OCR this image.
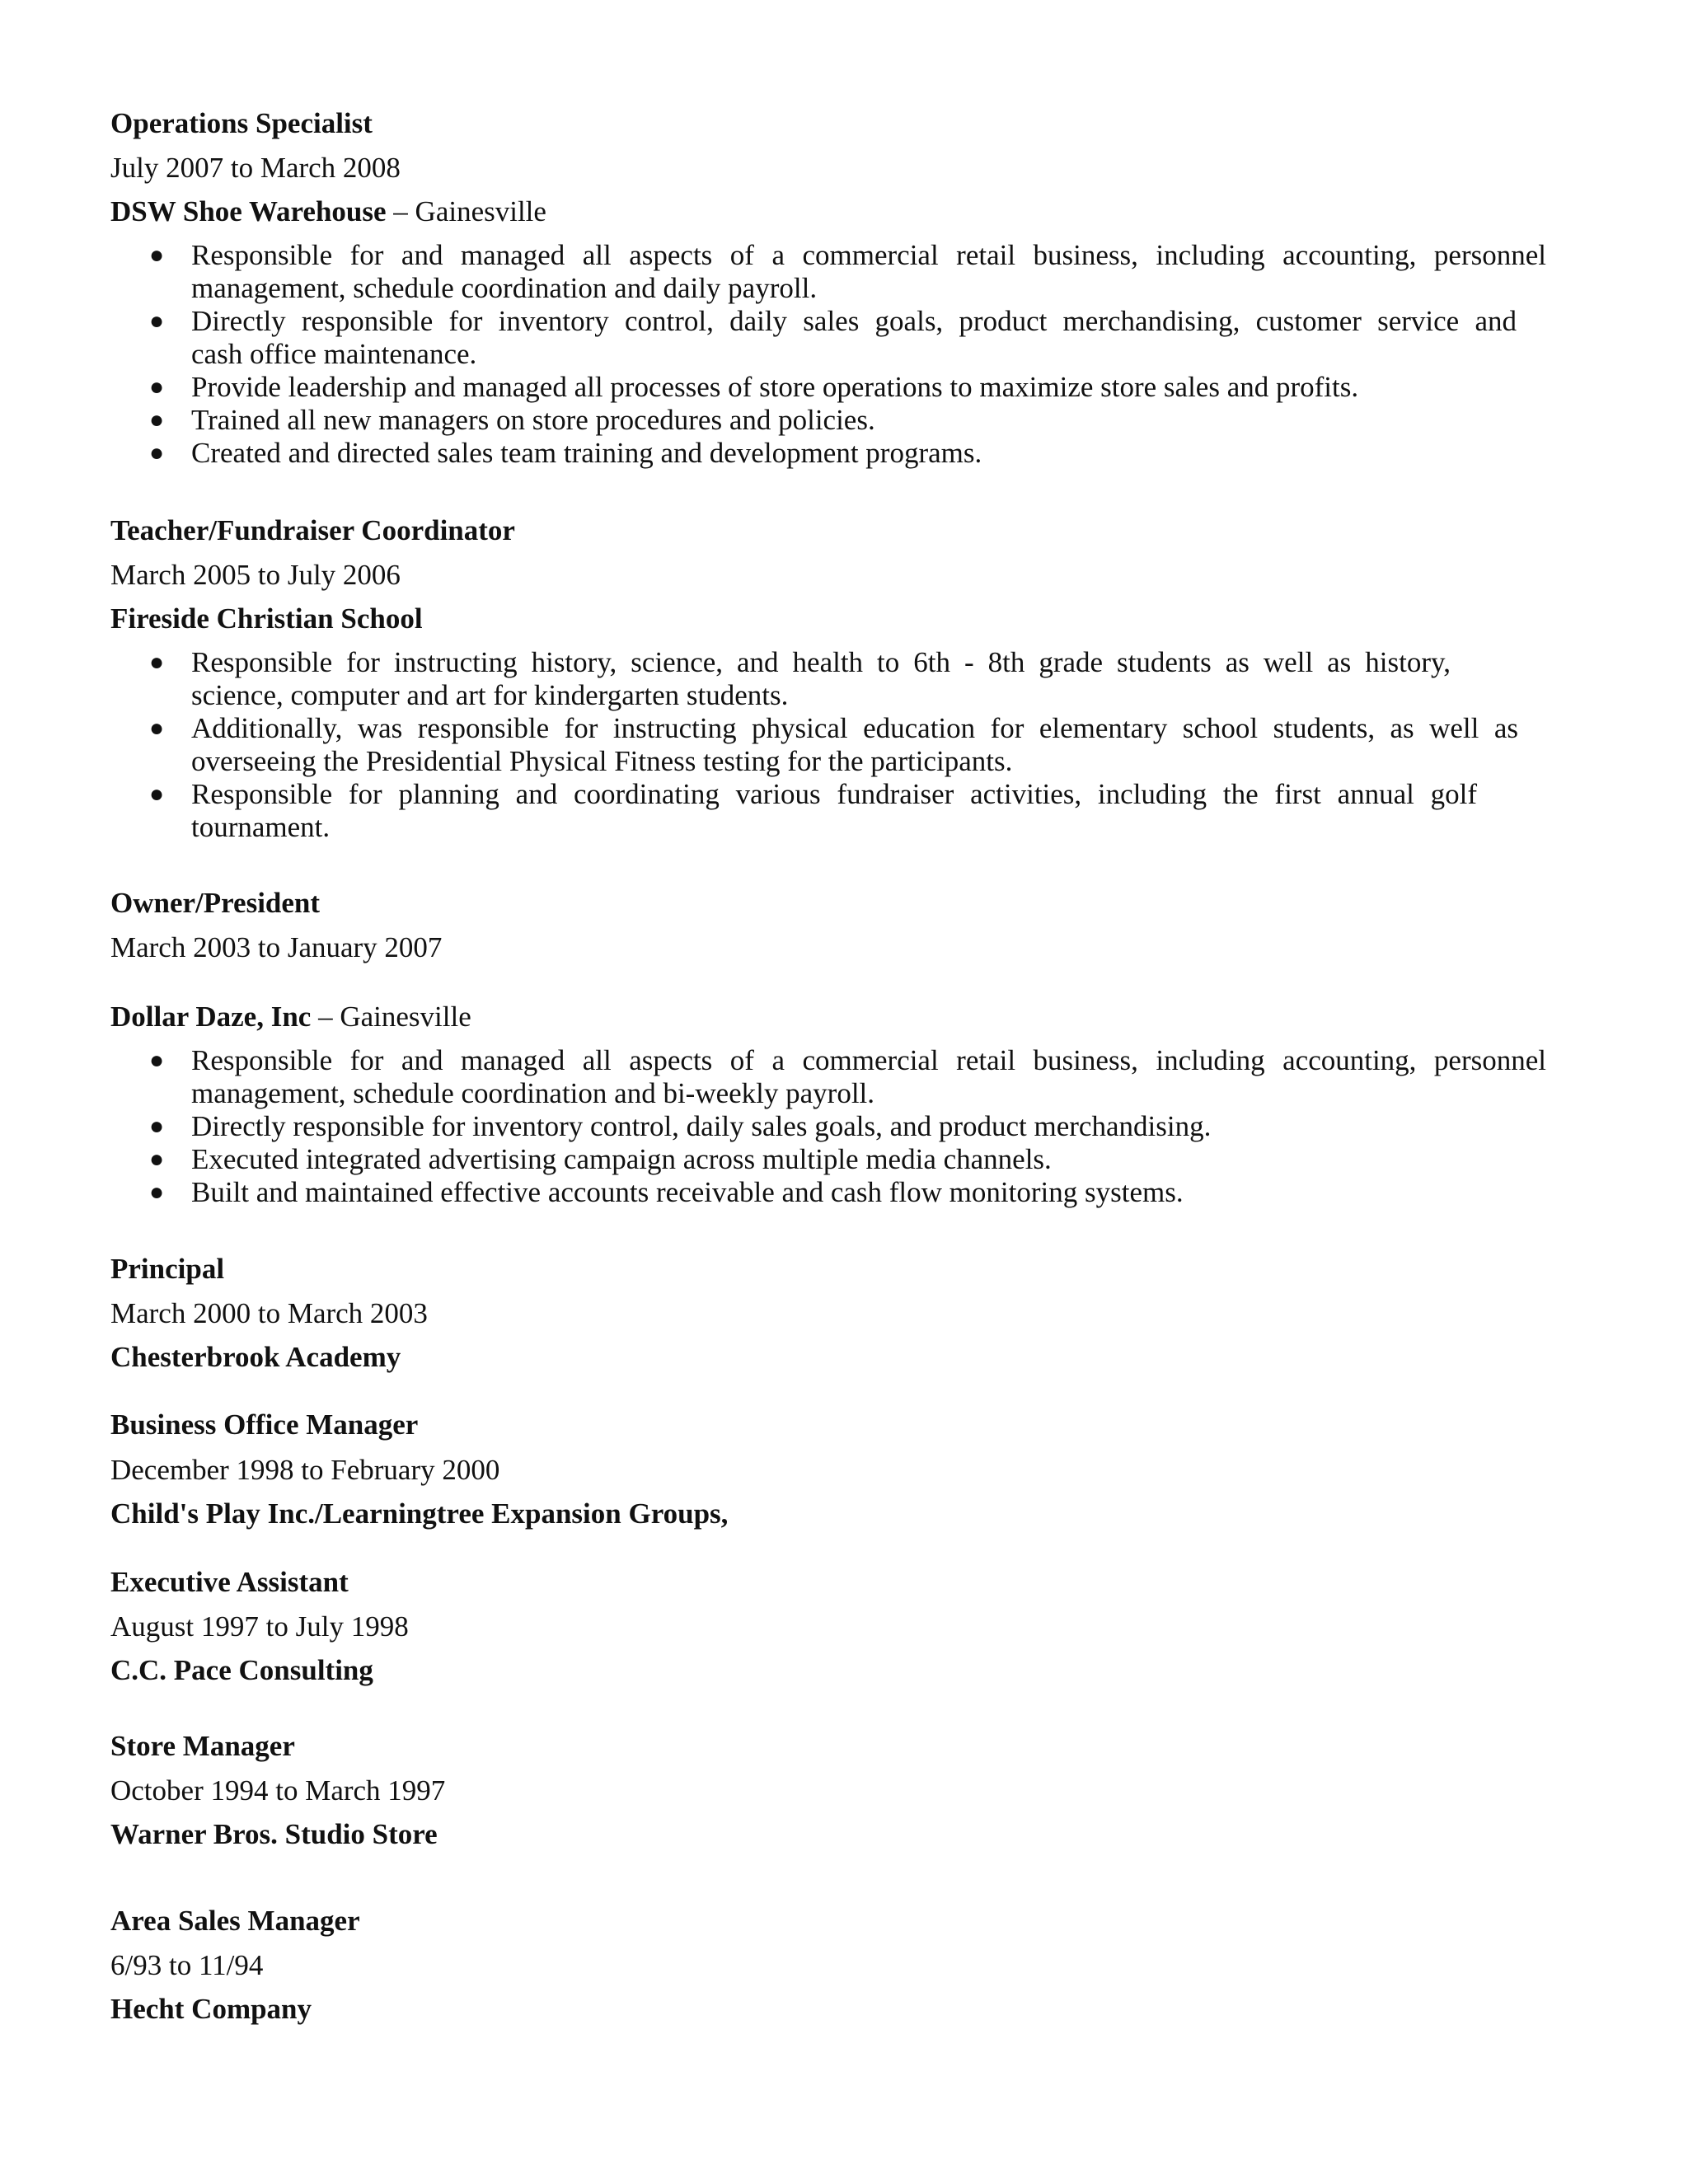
Operations Specialist
July 2007 to March 2008
DSW Shoe Warehouse – Gainesville
● Responsible for and managed all aspects of a commercial retail business, including accounting, personnel
management, schedule coordination and daily payroll.
● Directly responsible for inventory control, daily sales goals, product merchandising, customer service and
cash office maintenance.
● Provide leadership and managed all processes of store operations to maximize store sales and profits.
● Trained all new managers on store procedures and policies.
● Created and directed sales team training and development programs.
Teacher/Fundraiser Coordinator
March 2005 to July 2006
Fireside Christian School
● Responsible for instructing history, science, and health to 6th - 8th grade students as well as history,
science, computer and art for kindergarten students.
● Additionally, was responsible for instructing physical education for elementary school students, as well as
overseeing the Presidential Physical Fitness testing for the participants.
● Responsible for planning and coordinating various fundraiser activities, including the first annual golf
tournament.
Owner/President
March 2003 to January 2007
Dollar Daze, Inc – Gainesville
● Responsible for and managed all aspects of a commercial retail business, including accounting, personnel
management, schedule coordination and bi-weekly payroll.
● Directly responsible for inventory control, daily sales goals, and product merchandising.
● Executed integrated advertising campaign across multiple media channels.
● Built and maintained effective accounts receivable and cash flow monitoring systems.
Principal
March 2000 to March 2003
Chesterbrook Academy
Business Office Manager
December 1998 to February 2000
Child's Play Inc./Learningtree Expansion Groups,
Executive Assistant
August 1997 to July 1998
C.C. Pace Consulting
Store Manager
October 1994 to March 1997
Warner Bros. Studio Store
Area Sales Manager
6/93 to 11/94
Hecht Company
